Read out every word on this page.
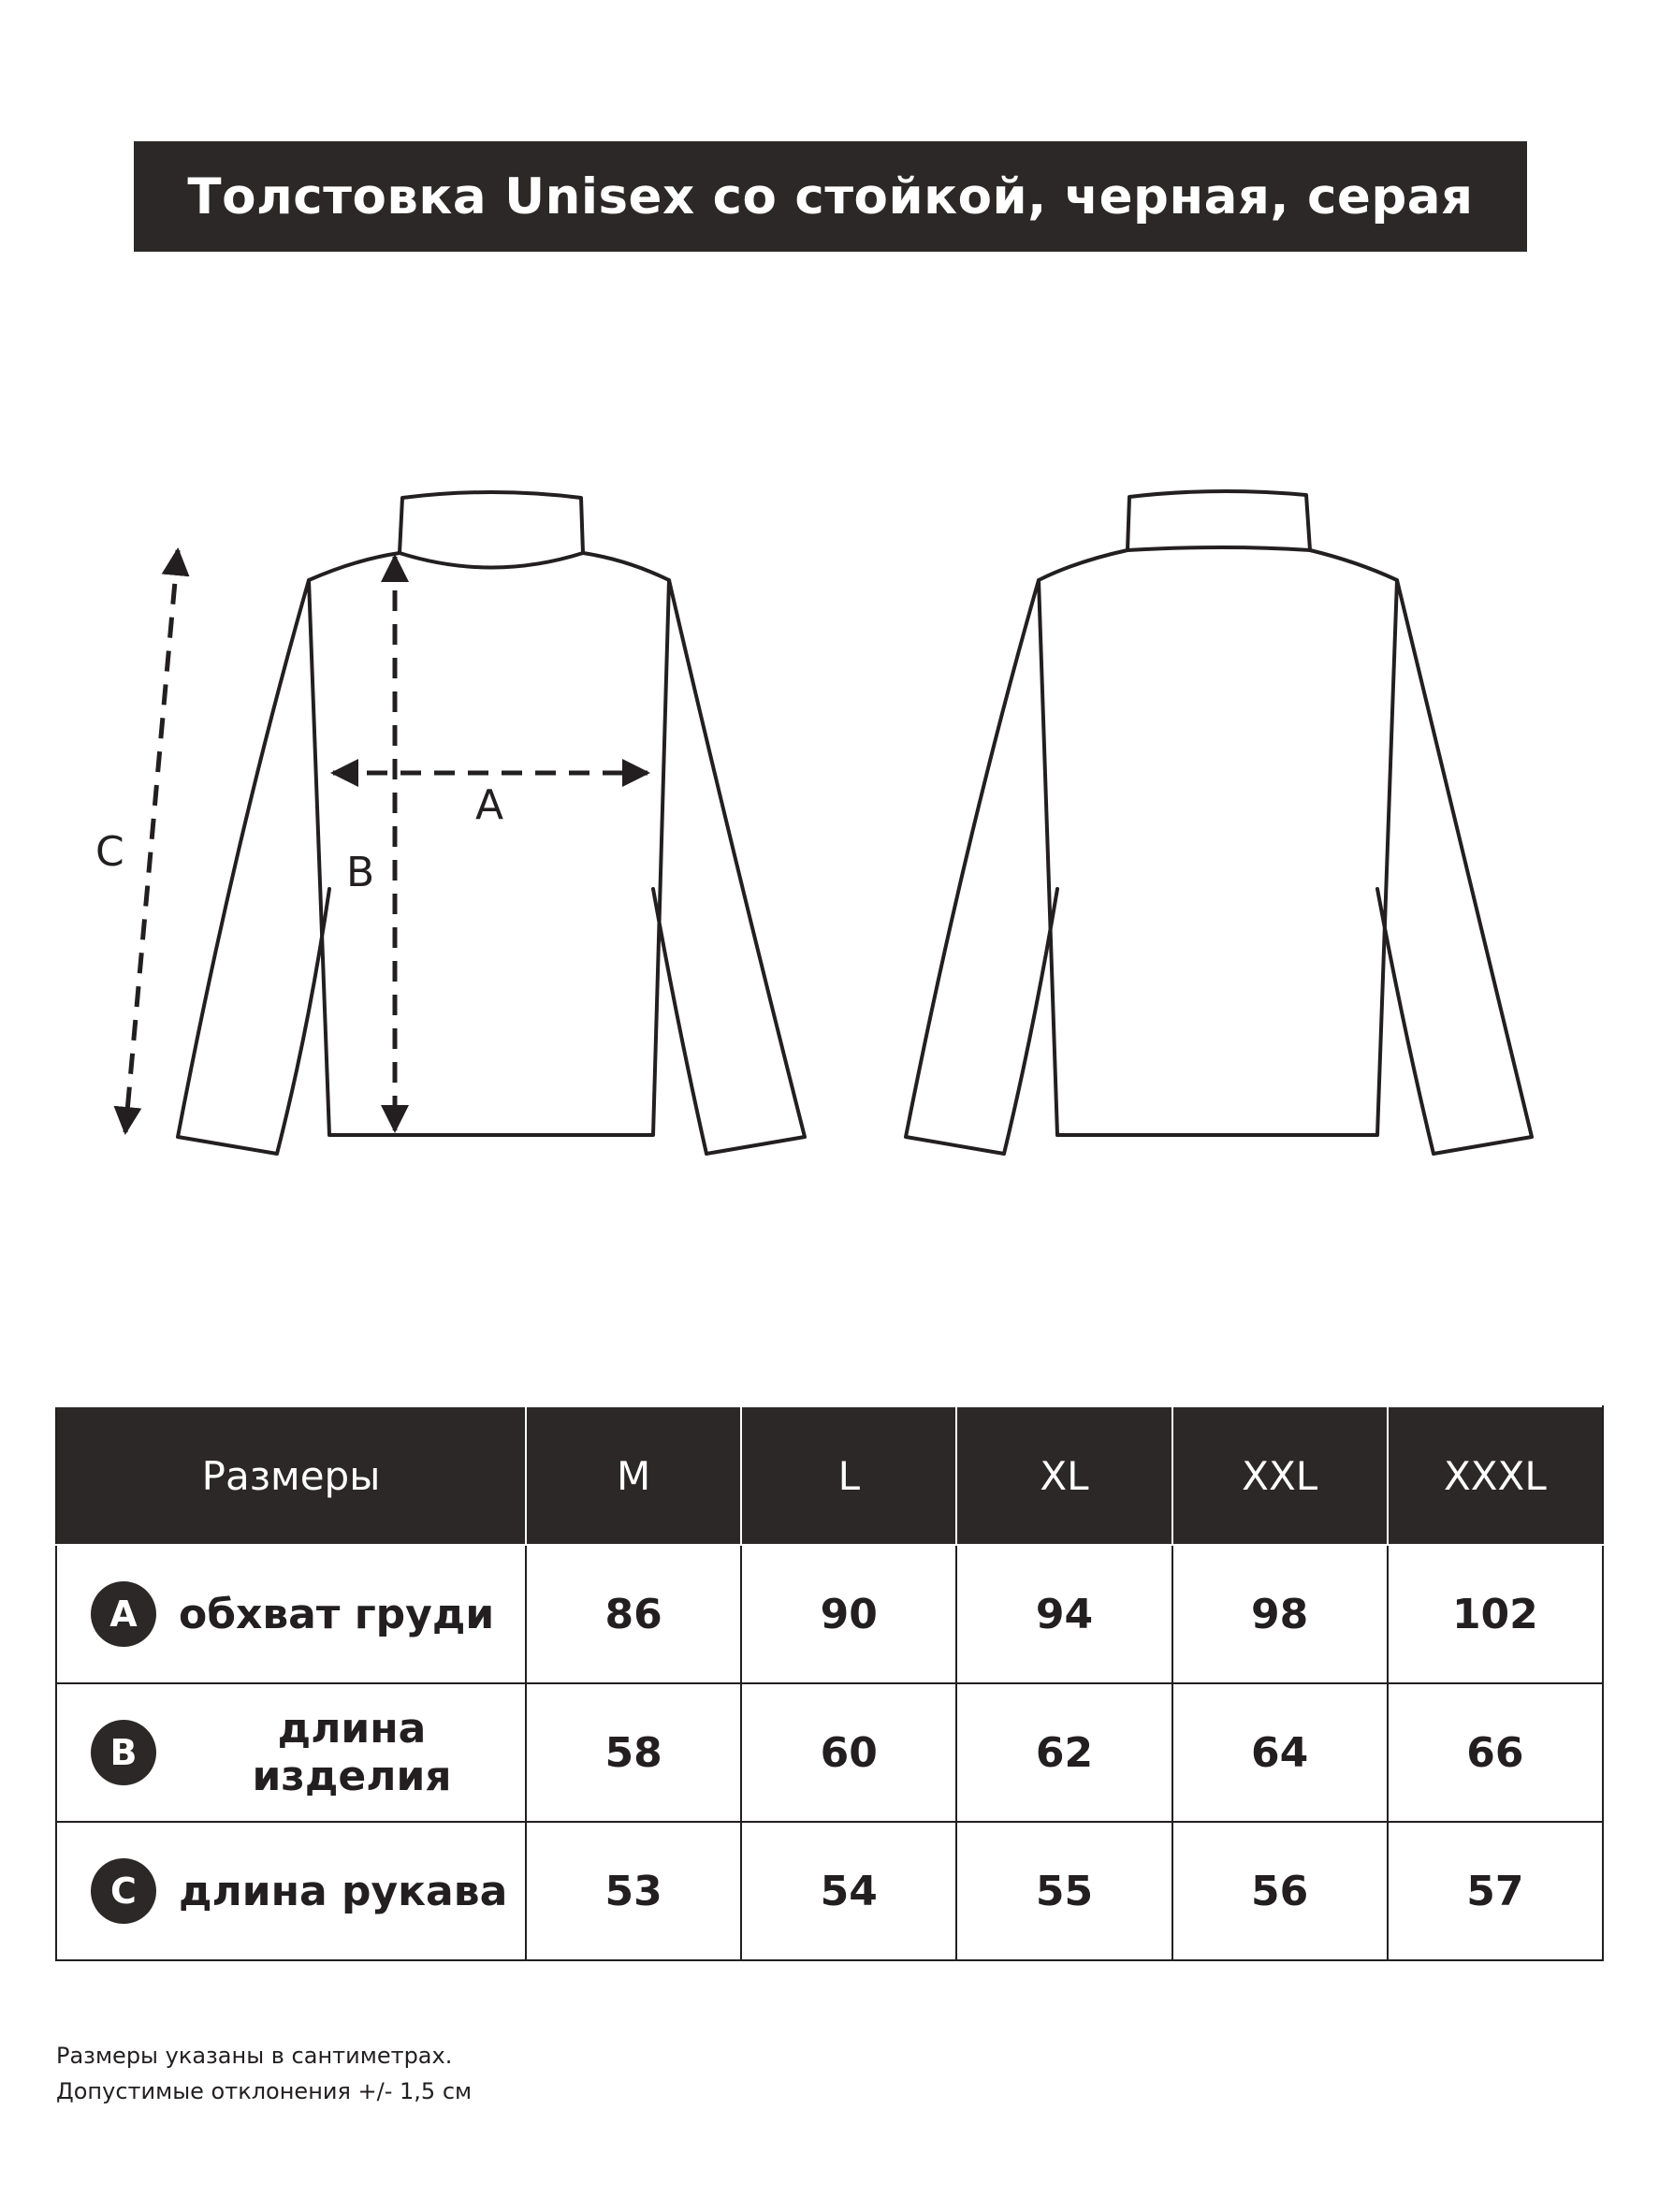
Толстовка Unisex со стойкой, черная, серая
A
B
C
Размеры	M	L	XL	XXL	XXXL

A обхват груди	86	90	94	98	102

B длина изделия	58	60	62	64	66

C длина рукава	53	54	55	56	57
Размеры указаны в сантиметрах.
Допустимые отклонения +/- 1,5 см
